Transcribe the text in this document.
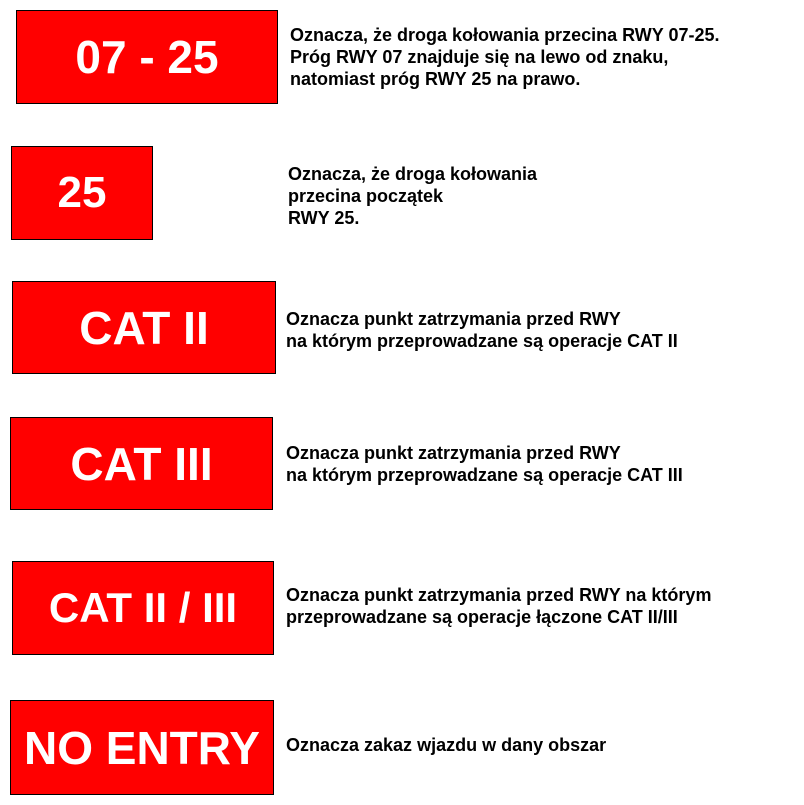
07 - 25	Oznacza, że droga kołowania przecina RWY 07-25.
Próg RWY 07 znajduje się na lewo od znaku,
natomiast próg RWY 25 na prawo.
25	Oznacza, że droga kołowania
przecina początek
RWY 25.
CAT II	Oznacza punkt zatrzymania przed RWY
na którym przeprowadzane są operacje CAT II
CAT III	Oznacza punkt zatrzymania przed RWY
na którym przeprowadzane są operacje CAT III
CAT II / III	Oznacza punkt zatrzymania przed RWY na którym
przeprowadzane są operacje łączone CAT II/III
NO ENTRY Oznacza zakaz wjazdu w dany obszar
